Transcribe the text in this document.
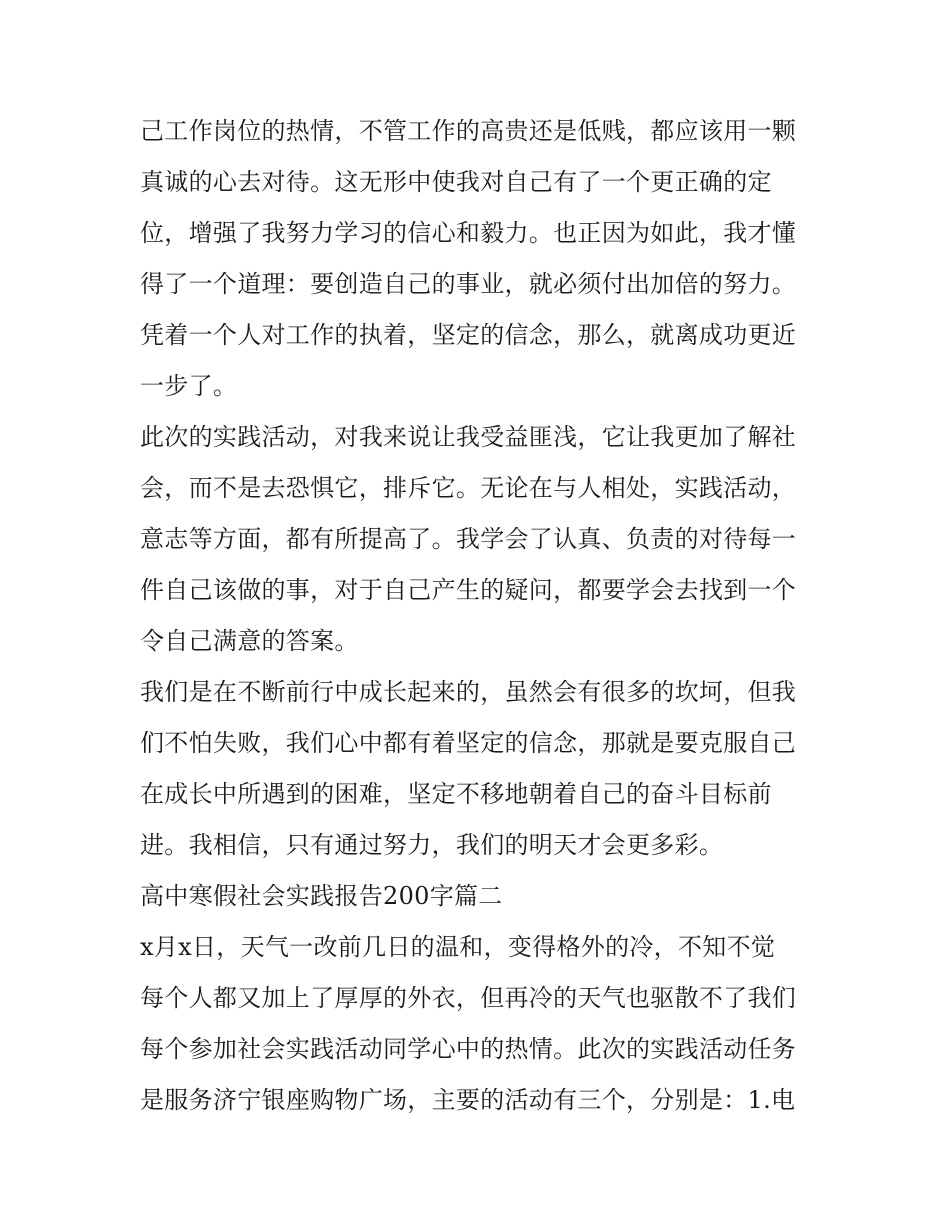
己工作岗位的热情，不管工作的高贵还是低贱，都应该用一颗
真诚的心去对待。这无形中使我对自己有了一个更正确的定
位，增强了我努力学习的信心和毅力。也正因为如此，我才懂
得了一个道理：要创造自己的事业，就必须付出加倍的努力。
凭着一个人对工作的执着，坚定的信念，那么，就离成功更近
一步了。
此次的实践活动，对我来说让我受益匪浅，它让我更加了解社
会，而不是去恐惧它，排斥它。无论在与人相处，实践活动，
意志等方面，都有所提高了。我学会了认真、负责的对待每一
件自己该做的事，对于自己产生的疑问，都要学会去找到一个
令自己满意的答案。
我们是在不断前行中成长起来的，虽然会有很多的坎坷，但我
们不怕失败，我们心中都有着坚定的信念，那就是要克服自己
在成长中所遇到的困难，坚定不移地朝着自己的奋斗目标前
进。我相信，只有通过努力，我们的明天才会更多彩。
高中寒假社会实践报告200字篇二
x月x日，天气一改前几日的温和，变得格外的冷，不知不觉
每个人都又加上了厚厚的外衣，但再冷的天气也驱散不了我们
每个参加社会实践活动同学心中的热情。此次的实践活动任务
是服务济宁银座购物广场，主要的活动有三个，分别是：1.电
